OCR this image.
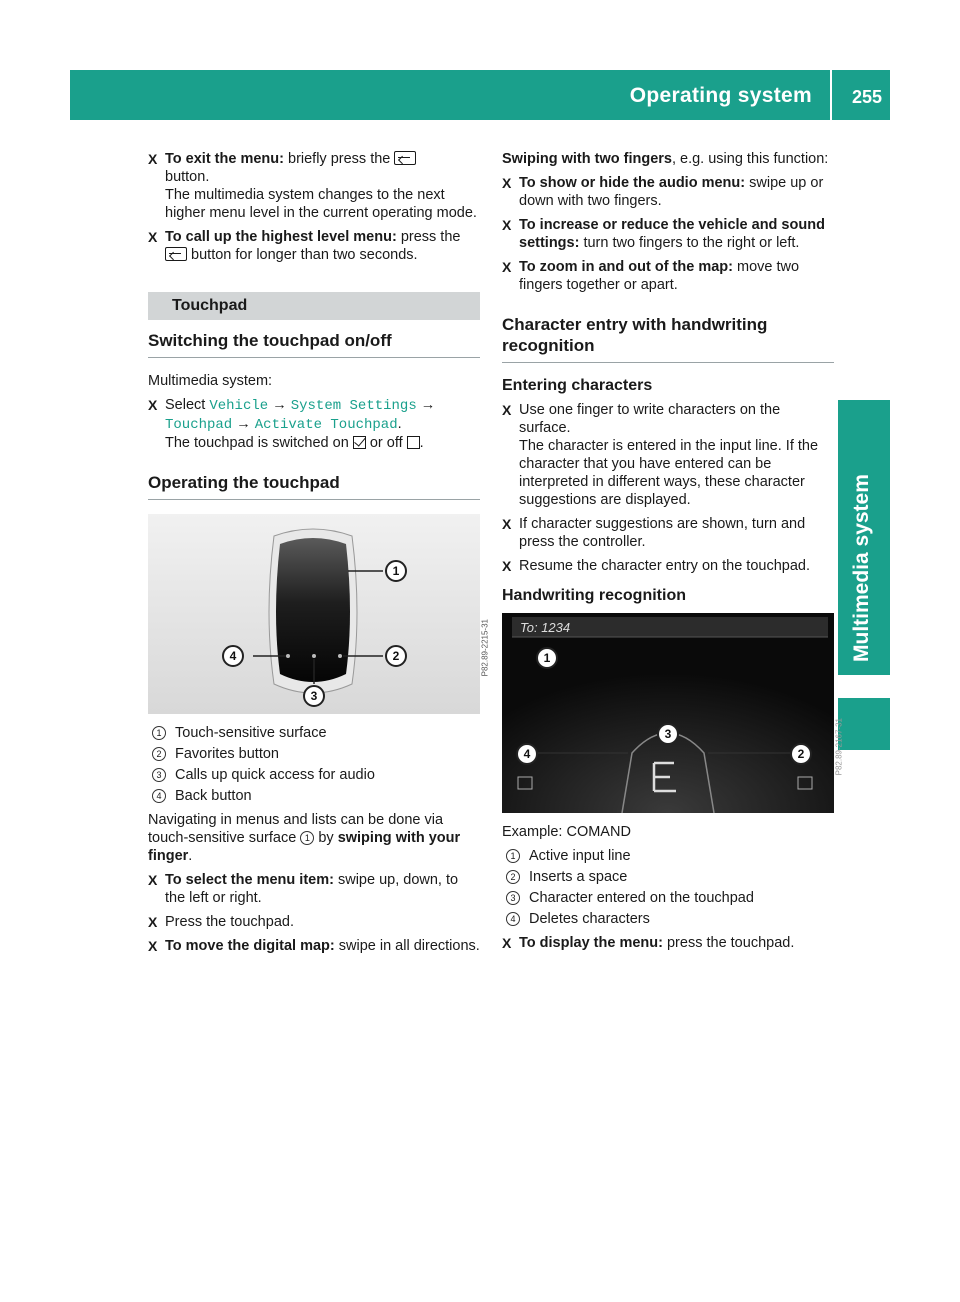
Operating system 255
Multimedia system
X To exit the menu: briefly press the
button.
The multimedia system changes to the next higher menu level in the current operating mode.
X To call up the highest level menu: press the
button for longer than two seconds.
Touchpad
Switching the touchpad on/off

Multimedia system:

X Select Vehicle → System Settings → Touchpad → Activate Touchpad.
The touchpad is switched on or off .
Operating the touchpad
1
2
3
4	P82.89-2215-31
1 Touch-sensitive surface
2 Favorites button
3 Calls up quick access for audio
4 Back button

Navigating in menus and lists can be done via touch-sensitive surface 1 by swiping with your finger.

X To select the menu item: swipe up, down, to the left or right.
X Press the touchpad.
X To move the digital map: swipe in all directions.

Swiping with two fingers, e.g. using this function:

X To show or hide the audio menu: swipe up or down with two fingers.
X To increase or reduce the vehicle and sound settings: turn two fingers to the right or left.
X To zoom in and out of the map: move two fingers together or apart.
Character entry with handwriting recognition
Entering characters
X Use one finger to write characters on the surface.
The character is entered in the input line. If the character that you have entered can be interpreted in different ways, these character suggestions are displayed.
X If character suggestions are shown, turn and press the controller.
X Resume the character entry on the touchpad.
Handwriting recognition
To: 1234
1
2
3
4	P82.89-2167-31

Example: COMAND

1 Active input line
2 Inserts a space
3 Character entered on the touchpad
4 Deletes characters
X To display the menu: press the touchpad.
